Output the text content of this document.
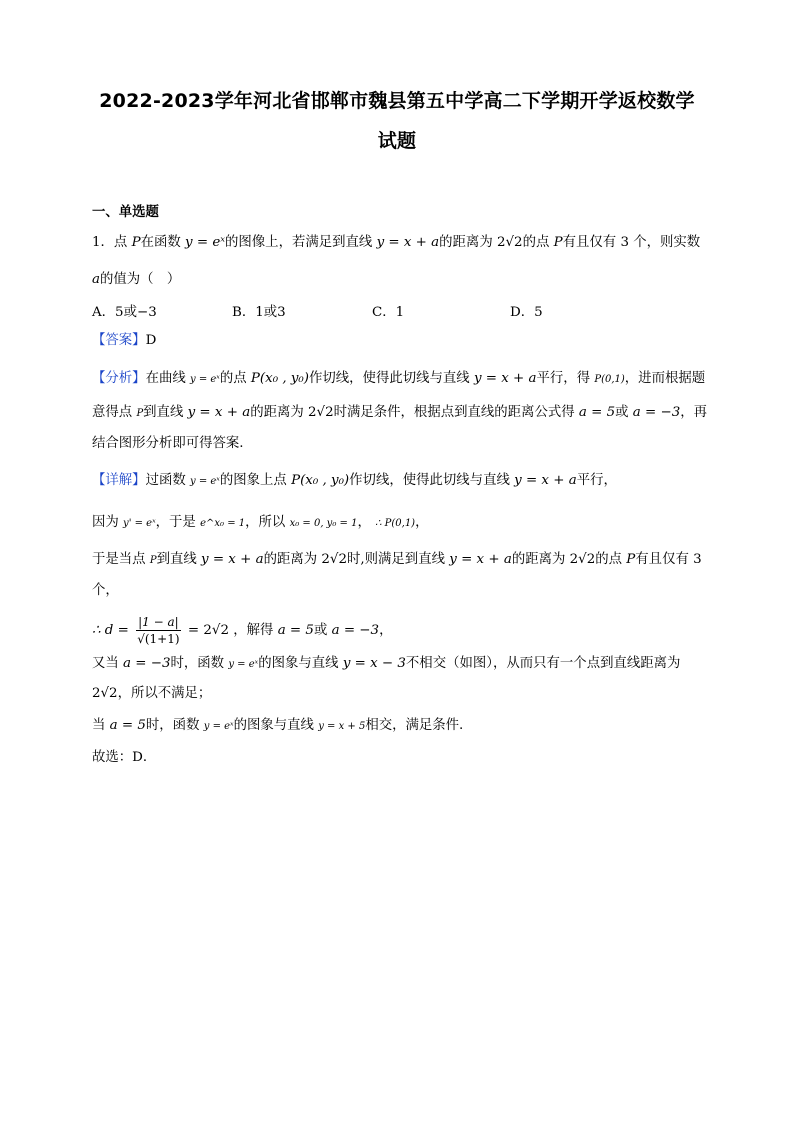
2022-2023学年河北省邯郸市魏县第五中学高二下学期开学返校数学
试题
一、单选题
1．点 P在函数 y = eˣ的图像上，若满足到直线 y = x + a的距离为 2√2的点 P有且仅有 3 个，则实数
a的值为（　）
A．5或−3	B．1或3	C．1	D．5
【答案】D
【分析】在曲线 y = eˣ的点 P(x₀ , y₀)作切线，使得此切线与直线 y = x + a平行，得 P(0,1)，进而根据题
意得点 P到直线 y = x + a的距离为 2√2时满足条件，根据点到直线的距离公式得 a = 5或 a = −3，再
结合图形分析即可得答案.
【详解】过函数 y = eˣ的图象上点 P(x₀ , y₀)作切线，使得此切线与直线 y = x + a平行，
因为 y' = eˣ，于是 e^x₀ = 1，所以 x₀ = 0, y₀ = 1， ∴ P(0,1)，
于是当点 P到直线 y = x + a的距离为 2√2时,则满足到直线 y = x + a的距离为 2√2的点 P有且仅有 3
个，
∴ $d = \frac{|1 - a|}{√(1+1)} = 2√2$ ，解得 a = 5或 a = −3，
又当 a = −3时，函数 y = eˣ的图象与直线 y = x − 3不相交（如图），从而只有一个点到直线距离为
2√2，所以不满足；
当 a = 5时，函数 y = eˣ的图象与直线 y = x + 5相交，满足条件.
故选：D．
